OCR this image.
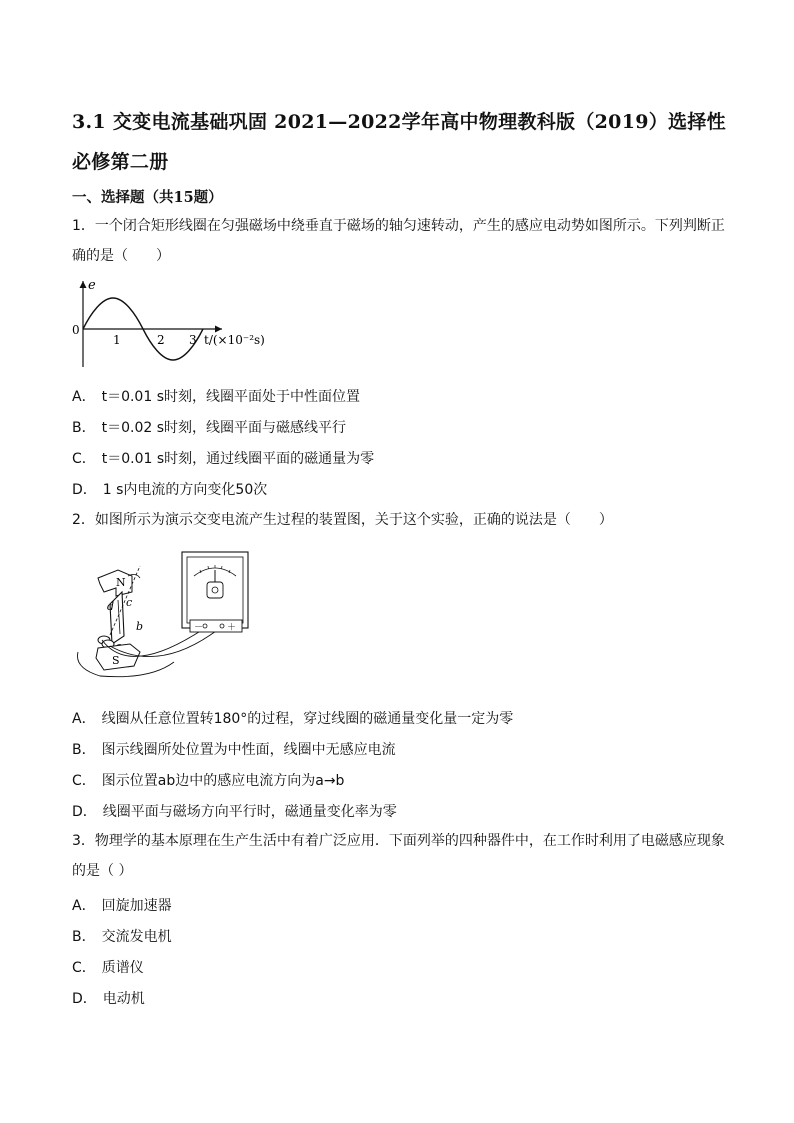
3.1 交变电流基础巩固 2021—2022学年高中物理教科版（2019）选择性必修第二册
一、选择题（共15题）
1．一个闭合矩形线圈在匀强磁场中绕垂直于磁场的轴匀速转动，产生的感应电动势如图所示。下列判断正确的是（　　）
e
0
1	2 3 t/(×10⁻²s)
A． t＝0.01 s时刻，线圈平面处于中性面位置
B． t＝0.02 s时刻，线圈平面与磁感线平行
C． t＝0.01 s时刻，通过线圈平面的磁通量为零
D． 1 s内电流的方向变化50次
2．如图所示为演示交变电流产生过程的装置图，关于这个实验，正确的说法是（　　）
N
d c
b
S
－	＋
A． 线圈从任意位置转180°的过程，穿过线圈的磁通量变化量一定为零
B． 图示线圈所处位置为中性面，线圈中无感应电流
C． 图示位置ab边中的感应电流方向为a→b
D． 线圈平面与磁场方向平行时，磁通量变化率为零
3．物理学的基本原理在生产生活中有着广泛应用．下面列举的四种器件中，在工作时利用了电磁感应现象的是（ ）
A． 回旋加速器
B． 交流发电机
C． 质谱仪
D． 电动机
